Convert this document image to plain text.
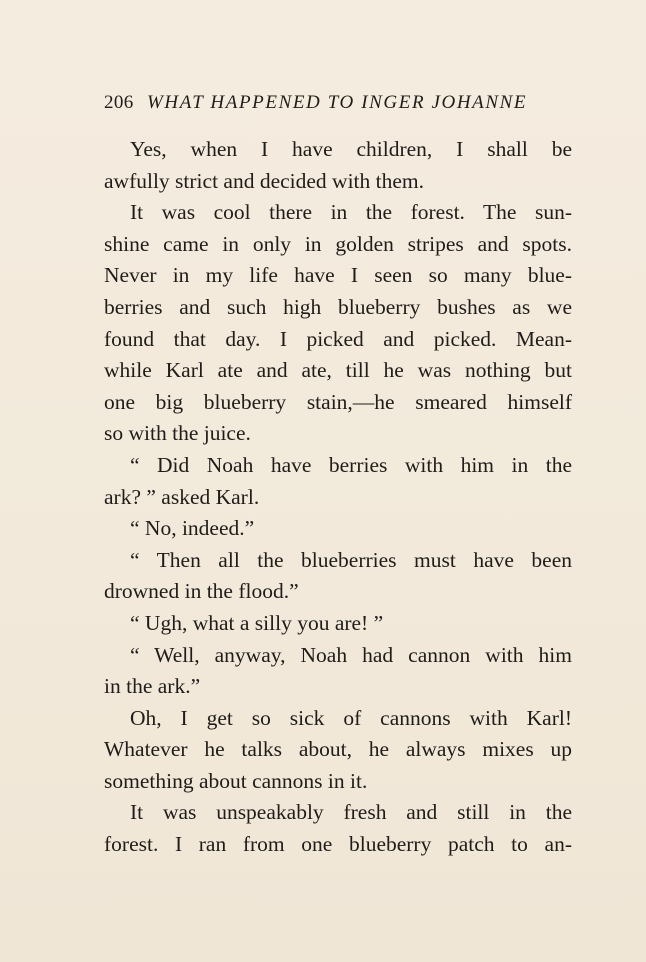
206 WHAT HAPPENED TO INGER JOHANNE
Yes, when I have children, I shall be
awfully strict and decided with them.
It was cool there in the forest. The sun-
shine came in only in golden stripes and spots.
Never in my life have I seen so many blue-
berries and such high blueberry bushes as we
found that day. I picked and picked. Mean-
while Karl ate and ate, till he was nothing but
one big blueberry stain,—he smeared himself
so with the juice.
“ Did Noah have berries with him in the
ark? ” asked Karl.
“ No, indeed.”
“ Then all the blueberries must have been
drowned in the flood.”
“ Ugh, what a silly you are! ”
“ Well, anyway, Noah had cannon with him
in the ark.”
Oh, I get so sick of cannons with Karl!
Whatever he talks about, he always mixes up
something about cannons in it.
It was unspeakably fresh and still in the
forest. I ran from one blueberry patch to an-
